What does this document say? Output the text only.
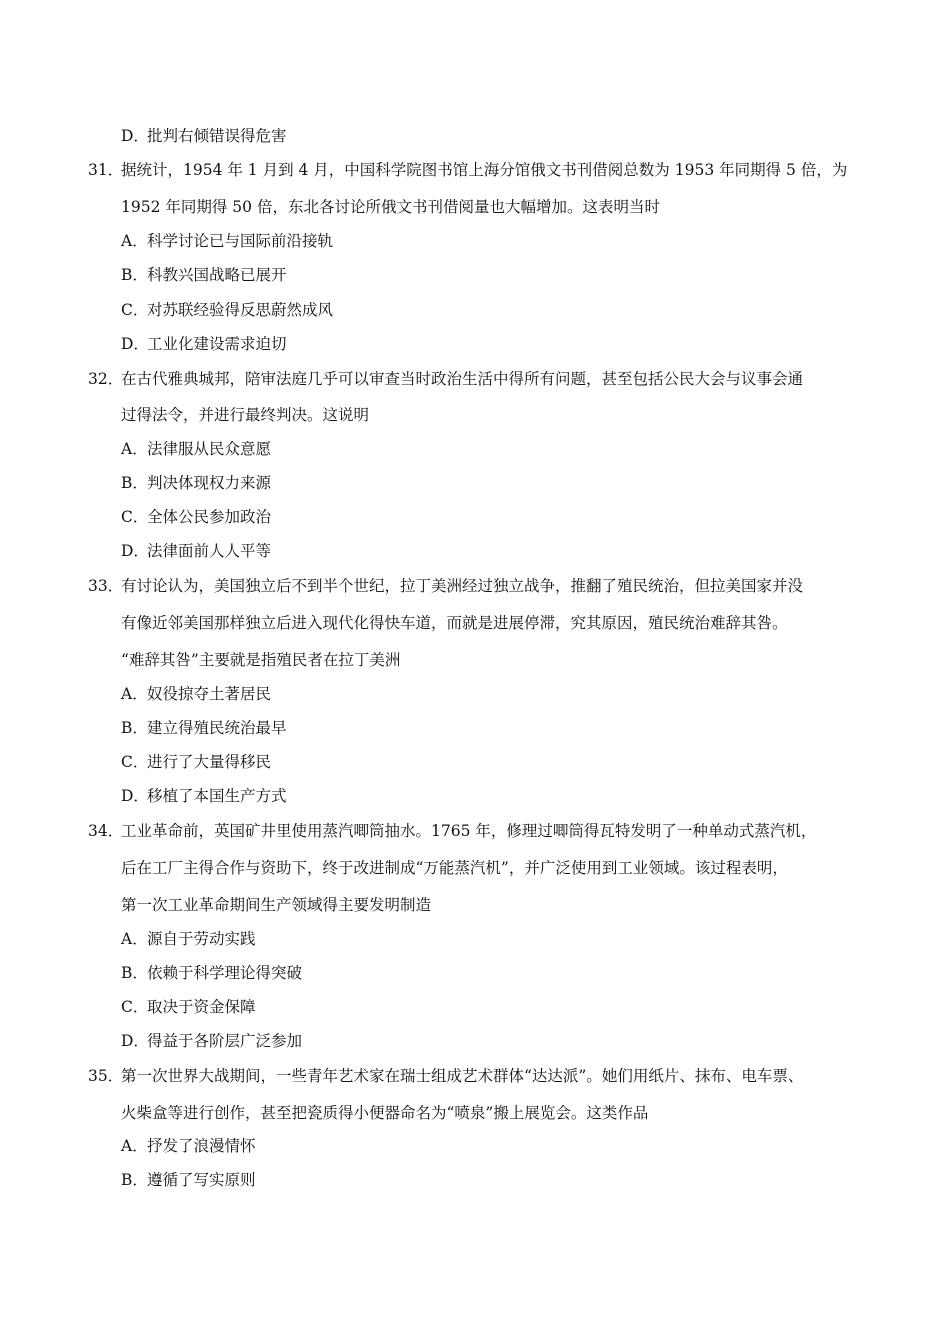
D．批判右倾错误得危害
31．
据统计，1954 年 1 月到 4 月，中国科学院图书馆上海分馆俄文书刊借阅总数为 1953 年同期得 5 倍，为
1952 年同期得 50 倍，东北各讨论所俄文书刊借阅量也大幅增加。这表明当时
A．科学讨论已与国际前沿接轨
B．科教兴国战略已展开
C．对苏联经验得反思蔚然成风
D．工业化建设需求迫切
32．
在古代雅典城邦，陪审法庭几乎可以审查当时政治生活中得所有问题，甚至包括公民大会与议事会通
过得法令，并进行最终判决。这说明
A．法律服从民众意愿
B．判决体现权力来源
C．全体公民参加政治
D．法律面前人人平等
33．
有讨论认为，美国独立后不到半个世纪，拉丁美洲经过独立战争，推翻了殖民统治，但拉美国家并没
有像近邻美国那样独立后进入现代化得快车道，而就是进展停滞，究其原因，殖民统治难辞其咎。
“难辞其咎”主要就是指殖民者在拉丁美洲
A．奴役掠夺土著居民
B．建立得殖民统治最早
C．进行了大量得移民
D．移植了本国生产方式
34．
工业革命前，英国矿井里使用蒸汽唧筒抽水。1765 年，修理过唧筒得瓦特发明了一种单动式蒸汽机，
后在工厂主得合作与资助下，终于改进制成“万能蒸汽机”，并广泛使用到工业领域。该过程表明，
第一次工业革命期间生产领域得主要发明制造
A．源自于劳动实践
B．依赖于科学理论得突破
C．取决于资金保障
D．得益于各阶层广泛参加
35．
第一次世界大战期间，一些青年艺术家在瑞士组成艺术群体“达达派”。她们用纸片、抹布、电车票、
火柴盒等进行创作，甚至把瓷质得小便器命名为“喷泉”搬上展览会。这类作品
A．抒发了浪漫情怀
B．遵循了写实原则
